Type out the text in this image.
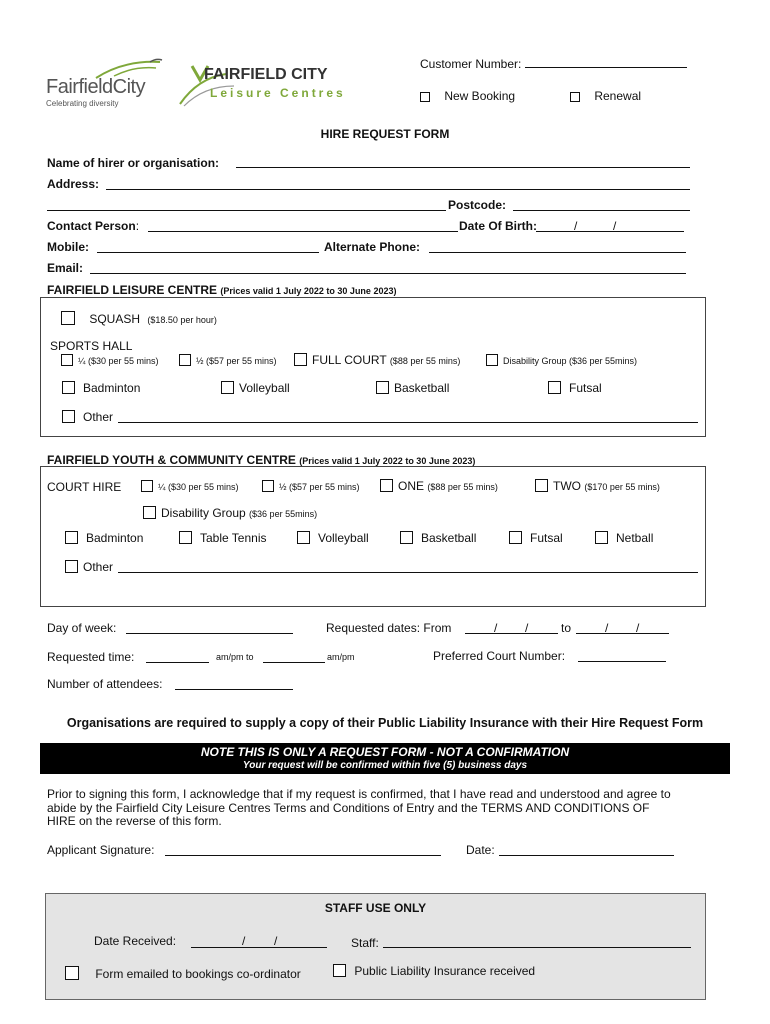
FairfieldCity
Celebrating diversity
FAIRFIELD CITY
Leisure Centres
Customer Number:
New Booking	Renewal
HIRE REQUEST FORM
Name of hirer or organisation:
Address:
Postcode:
Contact Person:	Date Of Birth:	/	/
Mobile:	Alternate Phone:
Email:
FAIRFIELD LEISURE CENTRE (Prices valid 1 July 2022 to 30 June 2023)
SQUASH ($18.50 per hour)
SPORTS HALL
¼ ($30 per 55 mins)	½ ($57 per 55 mins)	FULL COURT ($88 per 55 mins)	Disability Group ($36 per 55mins)
Badminton	Volleyball	Basketball	Futsal
Other
FAIRFIELD YOUTH & COMMUNITY CENTRE (Prices valid 1 July 2022 to 30 June 2023)
COURT HIRE	¼ ($30 per 55 mins)	½ ($57 per 55 mins)	ONE ($88 per 55 mins)	TWO ($170 per 55 mins)
Disability Group ($36 per 55mins)
Badminton	Table Tennis	Volleyball	Basketball	Futsal	Netball
Other
Day of week:	Requested dates: From	/ /	to	/ /
Requested time:	am/pm to	am/pm	Preferred Court Number:
Number of attendees:
Organisations are required to supply a copy of their Public Liability Insurance with their Hire Request Form
NOTE THIS IS ONLY A REQUEST FORM - NOT A CONFIRMATION
Your request will be confirmed within five (5) business days
Prior to signing this form, I acknowledge that if my request is confirmed, that I have read and understood and agree to
abide by the Fairfield City Leisure Centres Terms and Conditions of Entry and the TERMS AND CONDITIONS OF
HIRE on the reverse of this form.
Applicant Signature:	Date:
STAFF USE ONLY
Date Received:	/ /	Staff:
Form emailed to bookings co-ordinator	Public Liability Insurance received
